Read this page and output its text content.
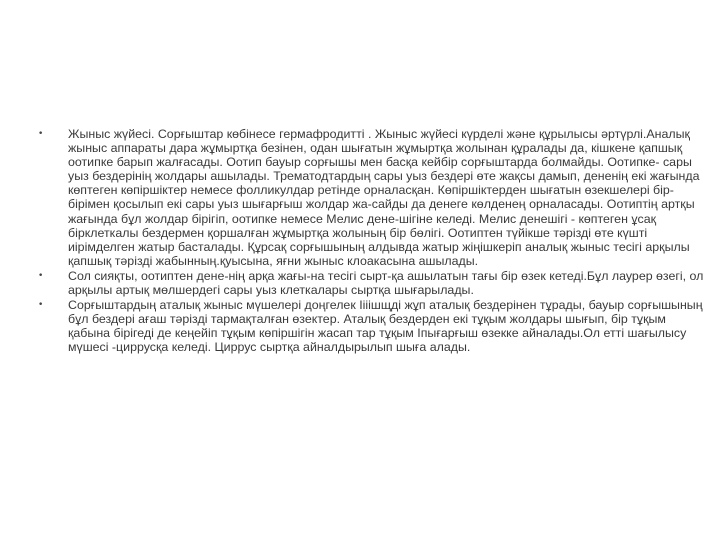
•	Жыныс жүйесі. Сорғыштар көбінесе гермафродитті . Жыныс жүйесі күрделі және құрылысы әртүрлі.Аналық жыныс аппараты дара жұмыртқа безінен, одан шығатын жұмыртқа жолынан құралады да, кішкене қапшық оотипке барып жалғасады. Оотип бауыр сорғышы мен басқа кейбір сорғыштарда болмайды. Оотипке- сары уыз бездерінің жолдары ашылады. Трематодтардың сары уыз бездері өте жақсы дамып, дененің екі жағында көптеген көпіршіктер немесе фолликулдар ретінде орналасқан. Көпіршіктерден шығатын өзекшелері бір- бірімен қосылып екі сары уыз шығарғыш жолдар жа-сайды да денеге көлденең орналасады. Оотиптің артқы жағында бұл жолдар бірігіп, оотипке немесе Мелис дене-шігіне келеді. Мелис денешігі - көптеген ұсақ бірклеткалы бездермен қоршалған жұмыртқа жолының бір бөлігі. Оотиптен түйікше тәрізді өте күшті иірімделген жатыр басталады. Құрсақ сорғышының алдывда жатыр жіңішкеріп аналық жыныс тесігі арқылы қапшық тәрізді жабынның.қуысына, яғни жыныс клоакасына ашылады.
•	Сол сияқты, оотиптен дене-нің арқа жағы-на тесігі сырт-қа ашылатын тағы бір өзек кетеді.Бұл лаурер өзегі, ол арқылы артық мөлшердегі сары уыз клеткалары сыртқа шығарылады.
•	Сорғыштардың аталық жыныс мүшелері доңгелек Іііішщді жұп аталық бездерінен тұрады, бауыр сорғышының бұл бездері ағаш тәрізді тармақталған өзектер. Аталық бездерден екі тұқым жолдары шығып, бір тұқым қабына бірігеді де кеңейіп тұқым көпіршігін жасап тар тұқым Іпығарғыш өзекке айналады.Ол етті шағылысу мүшесі -циррусқа келеді. Циррус сыртқа айналдырылып шыға алады.
